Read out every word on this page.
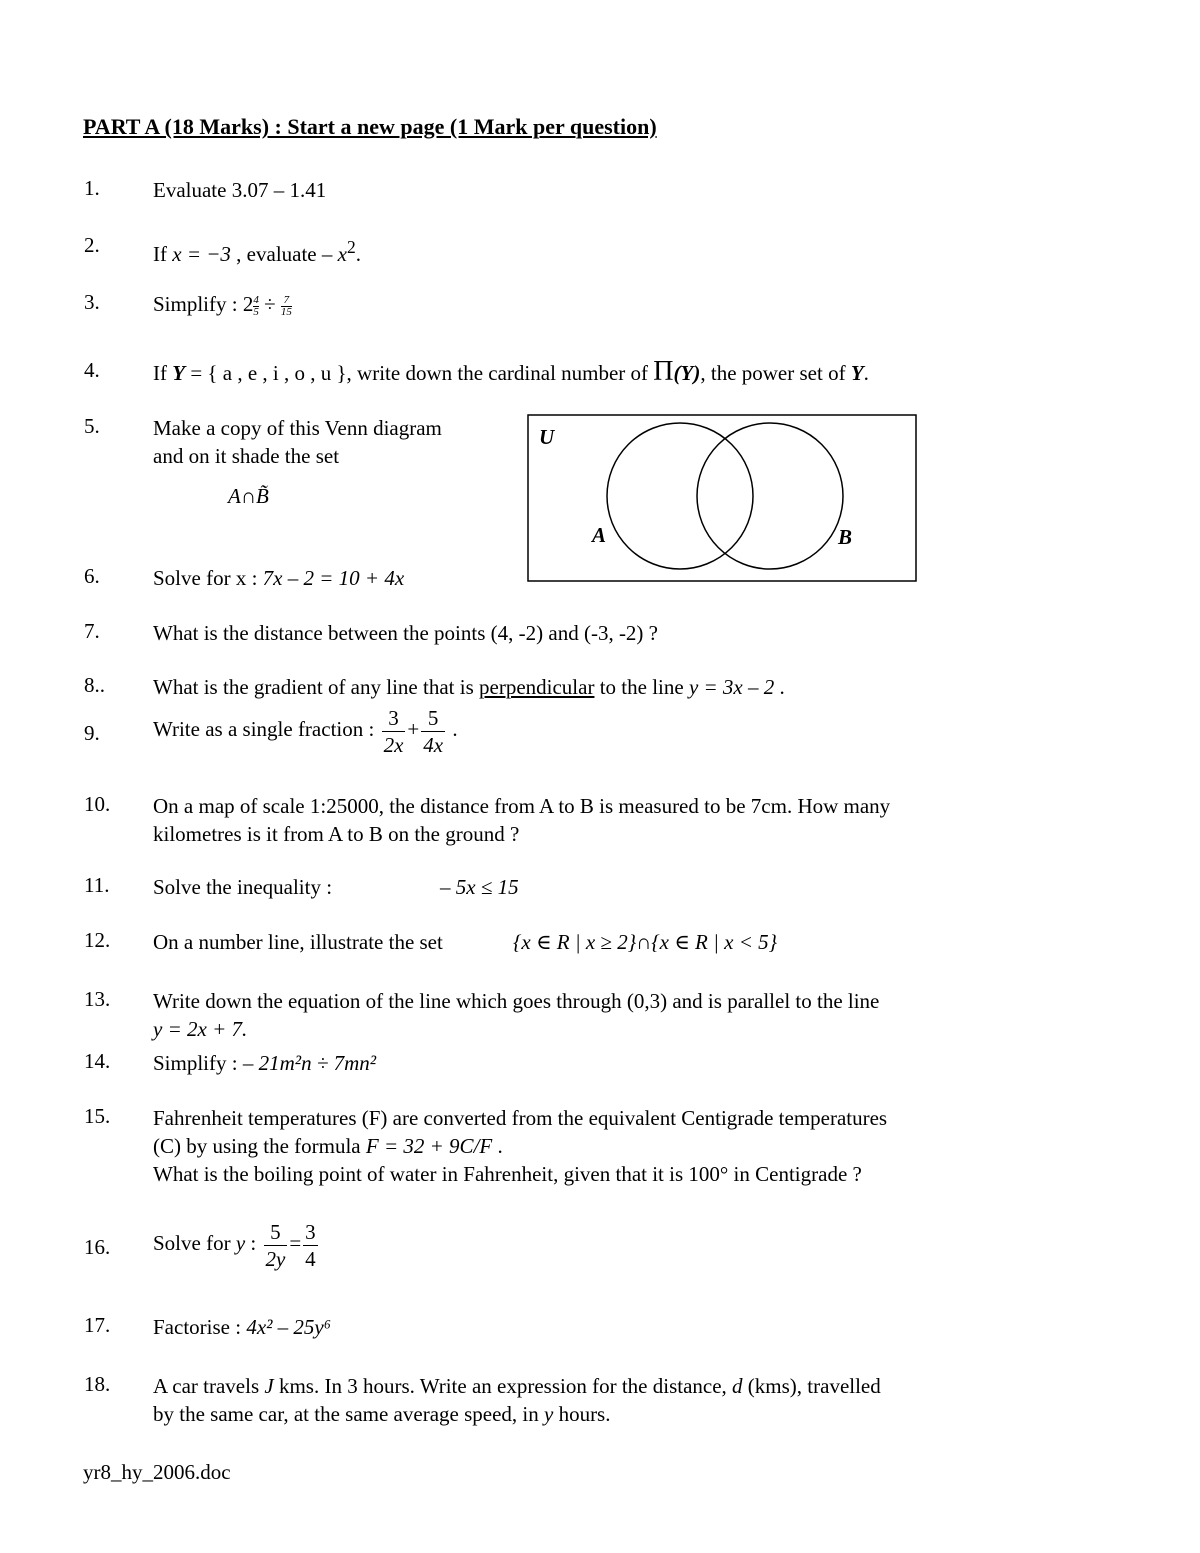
PART A (18 Marks) : Start a new page (1 Mark per question)
1.	Evaluate 3.07 – 1.41
2.	If x = −3 , evaluate – $x^2$.
3.	Simplify : $2 \frac{4}{5} \div \frac{7}{15}$
4.	If Y = { a , e , i , o , u }, write down the cardinal number of Π(Y), the power set of Y.
5.	Make a copy of this Venn diagram
and on it shade the set
A∩B̃
U
A	B
6.	Solve for x : 7x – 2 = 10 + 4x
7.	What is the distance between the points (4, -2) and (-3, -2) ?
8.. What is the gradient of any line that is perpendicular to the line y = 3x – 2 .
9.	Write as a single fraction : $\frac{3}{2x} + \frac{5}{4x}$ .
10. On a map of scale 1:25000, the distance from A to B is measured to be 7cm. How many
kilometres is it from A to B on the ground ?
11. Solve the inequality :	– 5x ≤ 15
12. On a number line, illustrate the set	{x ∈ R | x ≥ 2}∩{x ∈ R | x < 5}
13. Write down the equation of the line which goes through (0,3) and is parallel to the line
y = 2x + 7.
14. Simplify : – 21m²n ÷ 7mn²
15. Fahrenheit temperatures (F) are converted from the equivalent Centigrade temperatures
(C) by using the formula F = 32 + 9C/F .
What is the boiling point of water in Fahrenheit, given that it is 100° in Centigrade ?
16. Solve for y : $\frac{5}{2y} = \frac{3}{4}$
17. Factorise : 4x² – 25y⁶
18. A car travels J kms. In 3 hours. Write an expression for the distance, d (kms), travelled
by the same car, at the same average speed, in y hours.
yr8_hy_2006.doc
